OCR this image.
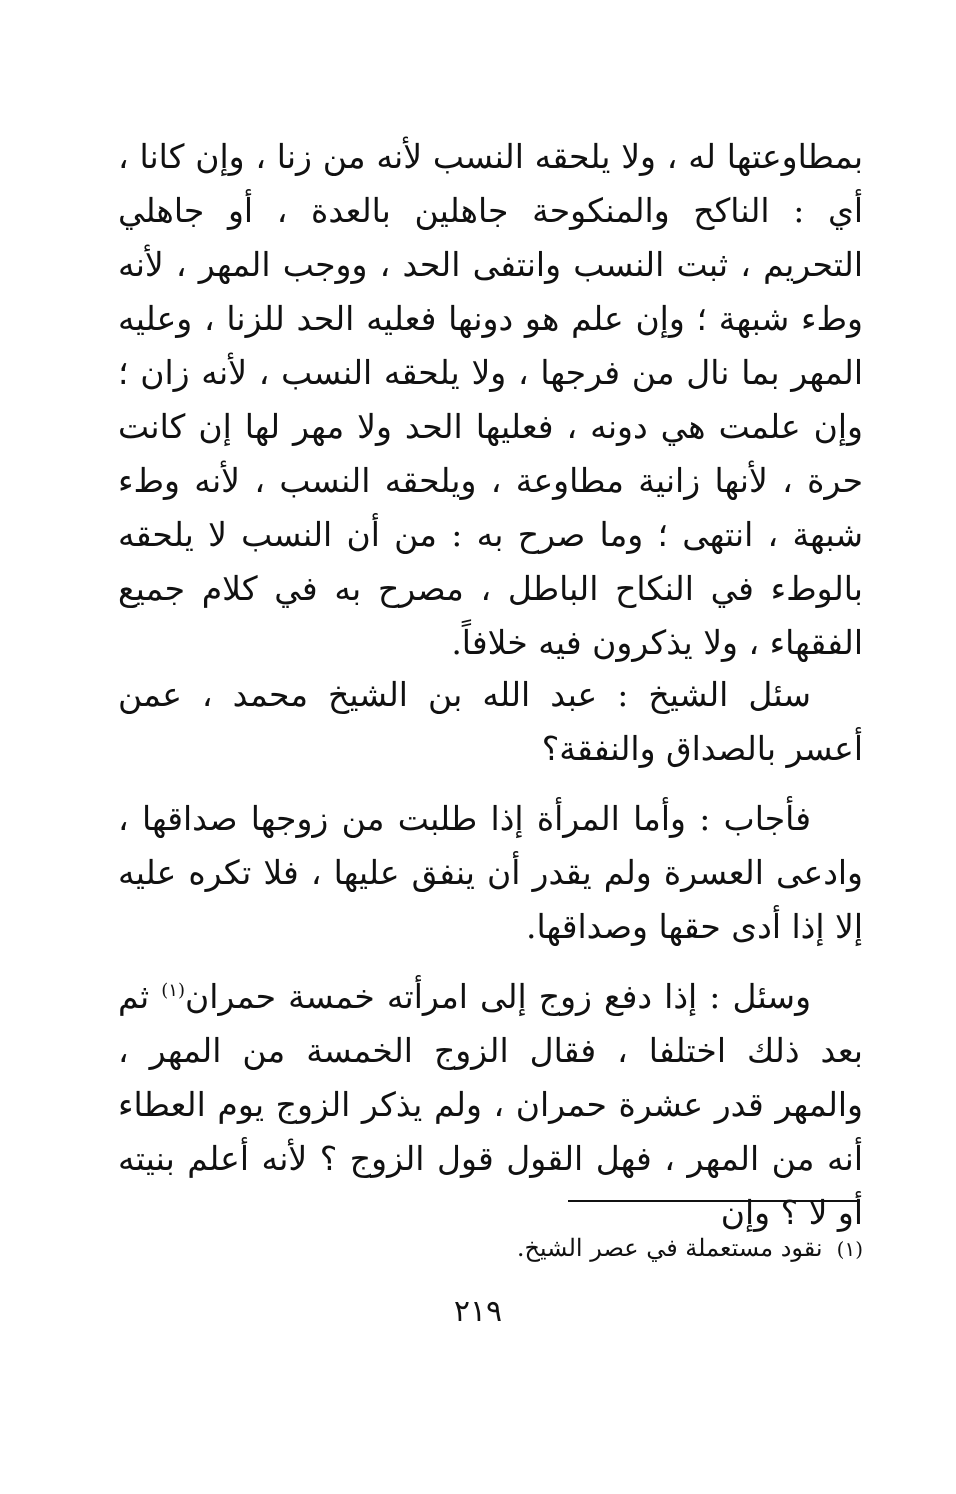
بمطاوعتها له ، ولا يلحقه النسب لأنه من زنا ، وإن كانا ، أي : الناكح والمنكوحة جاهلين بالعدة ، أو جاهلي التحريم ، ثبت النسب وانتفى الحد ، ووجب المهر ، لأنه وطء شبهة ؛ وإن علم هو دونها فعليه الحد للزنا ، وعليه المهر بما نال من فرجها ، ولا يلحقه النسب ، لأنه زان ؛ وإن علمت هي دونه ، فعليها الحد ولا مهر لها إن كانت حرة ، لأنها زانية مطاوعة ، ويلحقه النسب ، لأنه وطء شبهة ، انتهى ؛ وما صرح به : من أن النسب لا يلحقه بالوطء في النكاح الباطل ، مصرح به في كلام جميع الفقهاء ، ولا يذكرون فيه خلافاً.

سئل الشيخ : عبد الله بن الشيخ محمد ، عمن أعسر بالصداق والنفقة؟

فأجاب : وأما المرأة إذا طلبت من زوجها صداقها ، وادعى العسرة ولم يقدر أن ينفق عليها ، فلا تكره عليه إلا إذا أدى حقها وصداقها.

وسئل : إذا دفع زوج إلى امرأته خمسة حمران$^{(١)}$ ثم بعد ذلك اختلفا ، فقال الزوج الخمسة من المهر ، والمهر قدر عشرة حمران ، ولم يذكر الزوج يوم العطاء أنه من المهر ، فهل القول قول الزوج ؟ لأنه أعلم بنيته أو لا ؟ وإن

(١)نقود مستعملة في عصر الشيخ.
٢١٩
